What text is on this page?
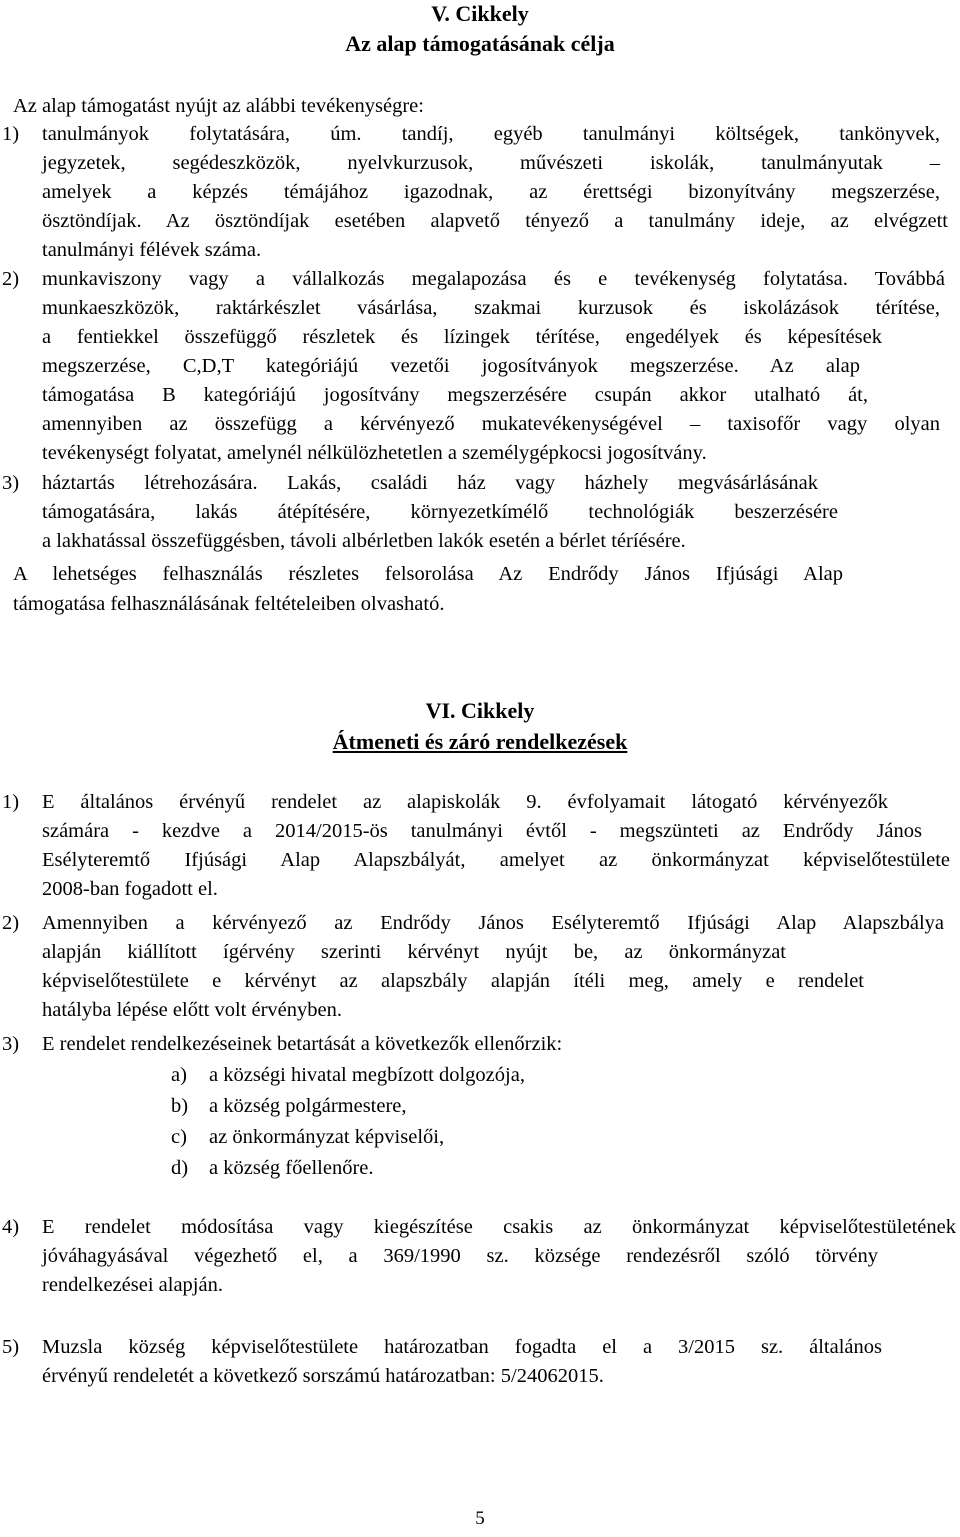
V. Cikkely
Az alap támogatásának célja
Az alap támogatást nyújt az alábbi tevékenységre:
1) tanulmányok folytatására, úm. tandíj, egyéb tanulmányi költségek, tankönyvek,
jegyzetek, segédeszközök, nyelvkurzusok, művészeti iskolák, tanulmányutak –
amelyek a képzés témájához igazodnak, az érettségi bizonyítvány megszerzése,
ösztöndíjak. Az ösztöndíjak esetében alapvető tényező a tanulmány ideje, az elvégzett
tanulmányi félévek száma.
2) munkaviszony vagy a vállalkozás megalapozása és e tevékenység folytatása. Továbbá
munkaeszközök, raktárkészlet vásárlása, szakmai kurzusok és iskolázások térítése,
a fentiekkel összefüggő részletek és lízingek térítése, engedélyek és képesítések
megszerzése, C,D,T kategóriájú vezetői jogosítványok megszerzése. Az alap
támogatása B kategóriájú jogosítvány megszerzésére csupán akkor utalható át,
amennyiben az összefügg a kérvényező mukatevékenységével – taxisofőr vagy olyan
tevékenységt folyatat, amelynél nélkülözhetetlen a személygépkocsi jogosítvány.
3) háztartás létrehozására. Lakás, családi ház vagy házhely megvásárlásának
támogatására, lakás átépítésére, környezetkímélő technológiák beszerzésére
a lakhatással összefüggésben, távoli albérletben lakók esetén a bérlet téríésére.
A lehetséges felhasználás részletes felsorolása Az Endrődy János Ifjúsági Alap
támogatása felhasználásának feltételeiben olvasható.
VI. Cikkely
Átmeneti és záró rendelkezések
1) E általános érvényű rendelet az alapiskolák 9. évfolyamait látogató kérvényezők
számára - kezdve a 2014/2015-ös tanulmányi évtől - megszünteti az Endrődy János
Esélyteremtő Ifjúsági Alap Alapszbályát, amelyet az önkormányzat képviselőtestülete
2008-ban fogadott el.
2) Amennyiben a kérvényező az Endrődy János Esélyteremtő Ifjúsági Alap Alapszbálya
alapján kiállított ígérvény szerinti kérvényt nyújt be, az önkormányzat
képviselőtestülete e kérvényt az alapszbály alapján ítéli meg, amely e rendelet
hatályba lépése előtt volt érvényben.
3) E rendelet rendelkezéseinek betartását a következők ellenőrzik:
a) a községi hivatal megbízott dolgozója,
b) a község polgármestere,
c) az önkormányzat képviselői,
d) a község főellenőre.
4) E rendelet módosítása vagy kiegészítése csakis az önkormányzat képviselőtestületének
jóváhagyásával végezhető el, a 369/1990 sz. községe rendezésről szóló törvény
rendelkezései alapján.
5) Muzsla község képviselőtestülete határozatban fogadta el a 3/2015 sz. általános
érvényű rendeletét a következő sorszámú határozatban: 5/24062015.
5
